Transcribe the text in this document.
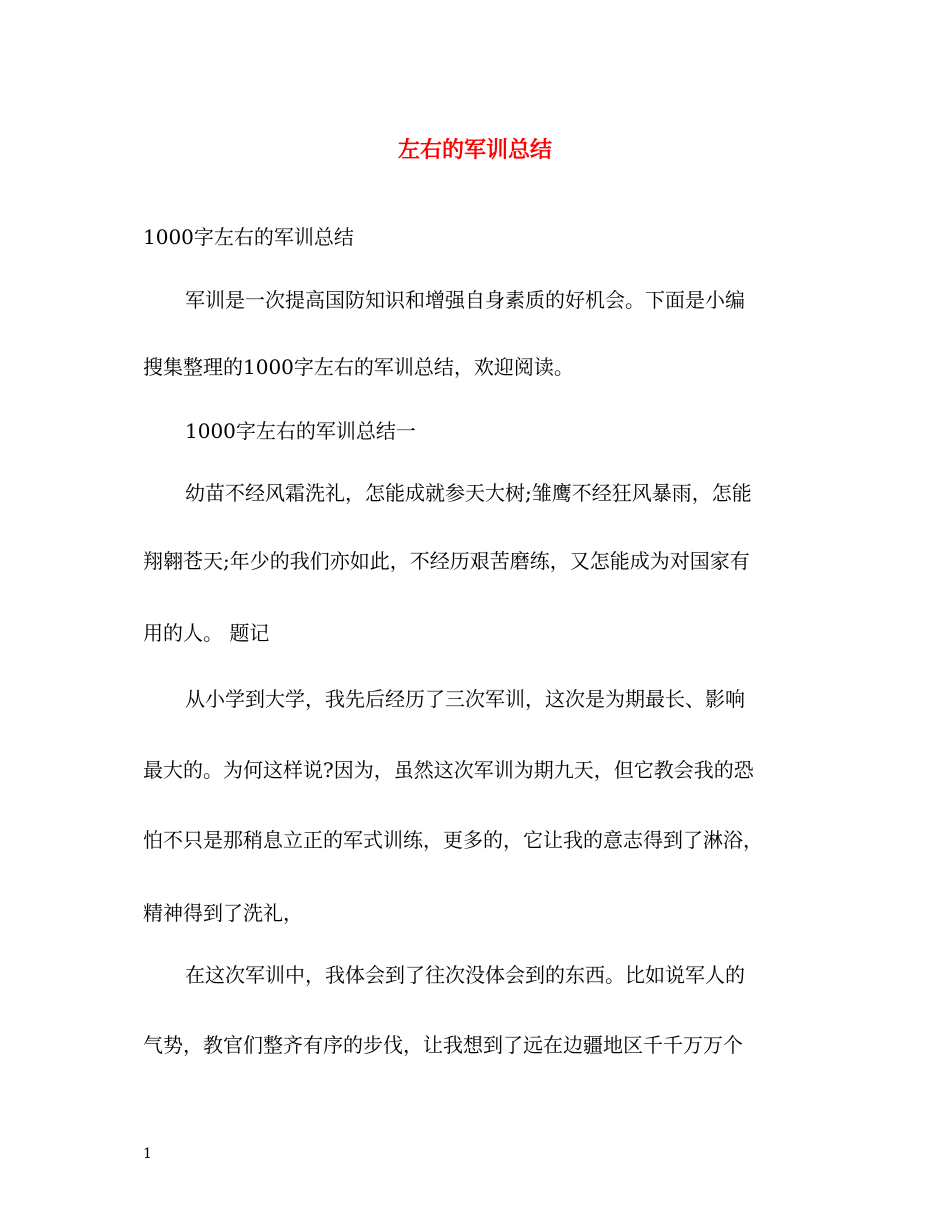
左右的军训总结
1000字左右的军训总结
军训是一次提高国防知识和增强自身素质的好机会。下面是小编
搜集整理的1000字左右的军训总结，欢迎阅读。
1000字左右的军训总结一
幼苗不经风霜洗礼，怎能成就参天大树;雏鹰不经狂风暴雨，怎能
翔翱苍天;年少的我们亦如此，不经历艰苦磨练，又怎能成为对国家有
用的人。 题记
从小学到大学，我先后经历了三次军训，这次是为期最长、影响
最大的。为何这样说?因为，虽然这次军训为期九天，但它教会我的恐
怕不只是那稍息立正的军式训练，更多的，它让我的意志得到了淋浴，
精神得到了洗礼，
在这次军训中，我体会到了往次没体会到的东西。比如说军人的
气势，教官们整齐有序的步伐，让我想到了远在边疆地区千千万万个
1
